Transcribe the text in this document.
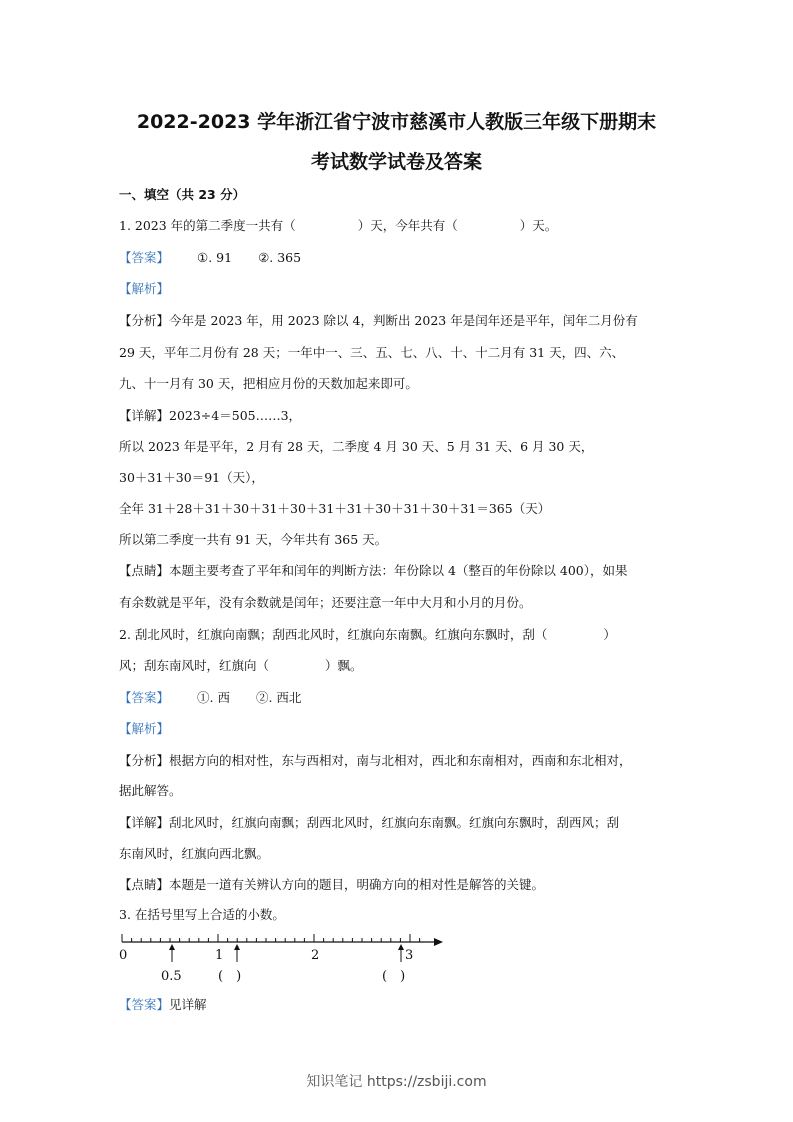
2022-2023 学年浙江省宁波市慈溪市人教版三年级下册期末
考试数学试卷及答案
一、填空（共 23 分）
1. 2023 年的第二季度一共有（	）天，今年共有（	）天。
【答案】 ①. 91 ②. 365
【解析】
【分析】今年是 2023 年，用 2023 除以 4，判断出 2023 年是闰年还是平年，闰年二月份有
29 天，平年二月份有 28 天；一年中一、三、五、七、八、十、十二月有 31 天，四、六、
九、十一月有 30 天，把相应月份的天数加起来即可。
【详解】2023÷4＝505……3，
所以 2023 年是平年，2 月有 28 天，二季度 4 月 30 天、5 月 31 天、6 月 30 天，
30＋31＋30＝91（天），
全年 31＋28＋31＋30＋31＋30＋31＋31＋30＋31＋30＋31＝365（天）
所以第二季度一共有 91 天，今年共有 365 天。
【点睛】本题主要考查了平年和闰年的判断方法：年份除以 4（整百的年份除以 400），如果
有余数就是平年，没有余数就是闰年；还要注意一年中大月和小月的月份。
2. 刮北风时，红旗向南飘；刮西北风时，红旗向东南飘。红旗向东飘时，刮（	）
风；刮东南风时，红旗向（	）飘。
【答案】 ①. 西 ②. 西北
【解析】
【分析】根据方向的相对性，东与西相对，南与北相对，西北和东南相对，西南和东北相对，
据此解答。
【详解】刮北风时，红旗向南飘；刮西北风时，红旗向东南飘。红旗向东飘时，刮西风；刮
东南风时，红旗向西北飘。
【点睛】本题是一道有关辨认方向的题目，明确方向的相对性是解答的关键。
3. 在括号里写上合适的小数。
0	1	2	3
0.5	(　)	(　)
【答案】见详解
知识笔记 https://zsbiji.com
